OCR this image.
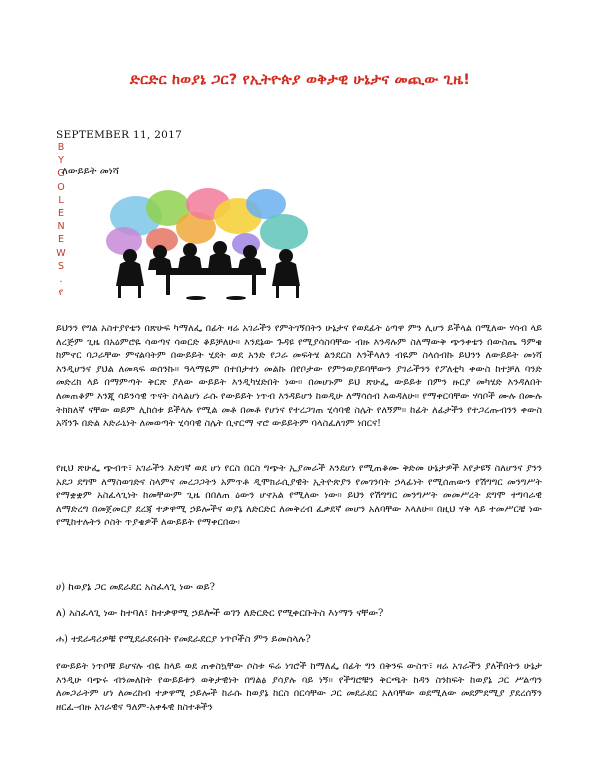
ድርድር ከወያኔ ጋር? የኢትዮጵያ ወቅታዊ ሁኔታና መጪው ጊዜ!
SEPTEMBER 11, 2017
B
Y
G
O
L
E
N
E
W
S
.
የ
ለውይይት መነሻ
ይህንን የግል አስተያየቴን በጽሁፍ ካማለፌ በፊት ዛሬ አገራችን የምትገኝበትን ሁኔታና የወደፊት ዕጣዋ ምን ሊሆን ይችላል በሚለው ሃሳብ ላይ ለረጅም ጊዜ በአዕምሮዬ ሳወጣና ሳወርድ ቆይቻለሁ። እንደኔው ጉዳዩ የሚያሳስባቸው ብዙ እንዳሉም ስለማውቅ ጭንቀቴን በውስጤ ዓምቄ ከምኖር ባጋራቸው ምናልባትም በውይይት ሂደት ወደ አንድ የጋራ መፍትሄ ልንደርስ እንችላለን ብዬም ስላሰብኩ ይህንን ለውይይት መነሻ እንዲሆንና ያህል ለመጻፍ ወሰንኩ። ዓላማዬም በተበታተነ መልኩ በየቦታው የምንወያይባቸውን ያገራችንን የፖለቲካ ቀውስ ከተቻለ ባንድ መድረክ ላይ በማምጣት ቅርጽ ያለው ውይይት እንዲካሄድበት ነው። በመሆኑም ይህ ጽሁፌ ውይይቱ በምን ዙርያ መካሄድ እንዳለበት ለመጠቆም እንጂ ሳይንሳዊ ጥናት ስላልሆነ ራሱ የውይይት ነጥብ እንዳይሆን ከወዲሁ ለማሳሰብ እወዳለሁ። የማቀርባቸው ሃሳቦች ሙሉ በሙሉ ትክክለኛ ናቸው ወይም ሊከሰቱ ይችላሉ የሚል መቶ በመቶ የሆነና የተረጋገጠ ሂሳባዊ ስሌት የለኝም። ከፊት ለፊታችን የተጋረጡብንን ቀውስ አሻንጉ በድል እድራኒነት ለመወጣት ሂሳባዊ ስሌት ቢኖርማ ኖሮ ውይይትም ባላስፈለገም ነበርና!
የዚህ ጽሁፌ ጭብጥ፣ አገራችን እድገኛ ወደ ሆነ የርስ በርስ ግጭት ኢያመራች እንደሆነ የሚጠቆሙ ቅድመ ሁኔታዎች እየታዩኝ ስለሆንና ያንን አደጋ ደግሞ ለማስወገድና ስላምና መረጋጋትን አምጥቶ ዲሞክራሲያዊት ኢትዮጵያን የመገንባት ኃላፊነት የሚሰጠውን የሽግግር መንግሥት የማቋቋም አስፈላጊነት ከመቸውም ጊዜ በበለጠ ዕውን ሆኖአል የሚለው ነው። ይህን የሽግግር መንግሥት መመሥረት ደግሞ ተግባራዊ ለማድረግ በመጀመርያ ደረጃ ተቃዋሚ ኃይሎችና ወያኔ ለድርድር ለመቅረብ ፈቃደኛ መሆን አለባቸው እላለሁ። በዚህ ሃቅ ላይ ተመሥርቼ ነው የሚከተሉትን ሶስት ጥያቄዎች ለውይይት የማቀርበው፡
ሀ) ከወያኔ ጋር መደራደር አስፈላጊ ነው ወይ?
ለ) አስፈላጊ ነው ከተባለ፣ ከተቃዋሚ ኃይሎች ወገን ለድርድር የሚቀርቡትስ እነማን ናቸው?
ሐ) ተደራዳሪዎቹ የሚደራደሩበት የመደራደርያ ነጥቦችስ ምን ይመስላሉ?
የውይይት ነጥቦቹ ይሆናሉ ብዬ ከላይ ወደ ጠቀስኳቸው ሶስቱ ፍሬ ነገሮች ከማለፌ በፊት ግን በቅንፍ ውስጥ፣ ዛሬ አገራችን ያለችበትን ሁኔታ እንዲሁ ባጭሩ ብንመለከት የውይይቱን ወቅታዊነት በግልፅ ያሳያሉ ባይ ነኝ። የችግሮቹን ቅርጫት ከዳን ስንከፍት ከወያኔ ጋር ሥልጣን ለመጋራትም ሆነ ለመረከብ ተቃዋሚ ኃይሎች ከራሱ ከወያኔ ከርስ በርሳቸው ጋር መደራደር አለባቸው ወደሚለው መደምደሚያ ያደረሰኝን ዘርፈ-ብዙ አገራዊና ዓለም-አቀፋዊ ክስተቶችን
